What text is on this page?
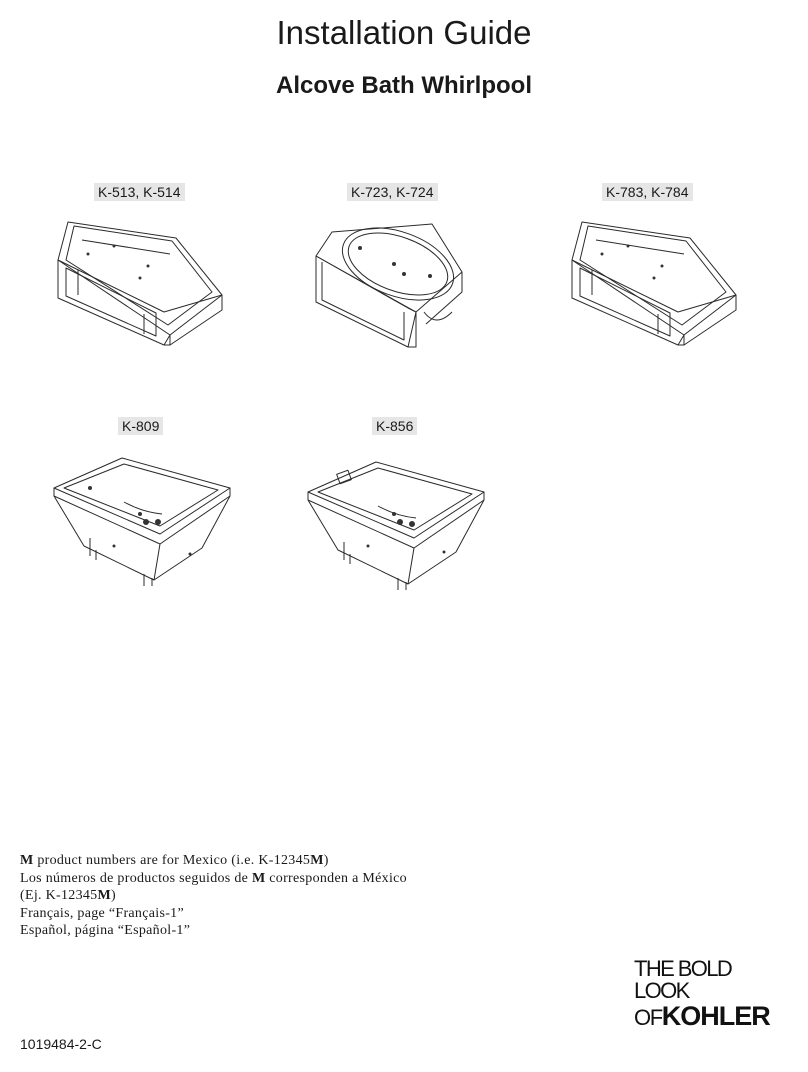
Installation Guide
Alcove Bath Whirlpool
K-513, K-514	K-723, K-724	K-783, K-784
K-809	K-856
M product numbers are for Mexico (i.e. K-12345M)
Los números de productos seguidos de M corresponden a México
(Ej. K-12345M)
Français, page “Français-1”
Español, página “Español-1”
THE BOLD LOOK
OFKOHLER
1019484-2-C
